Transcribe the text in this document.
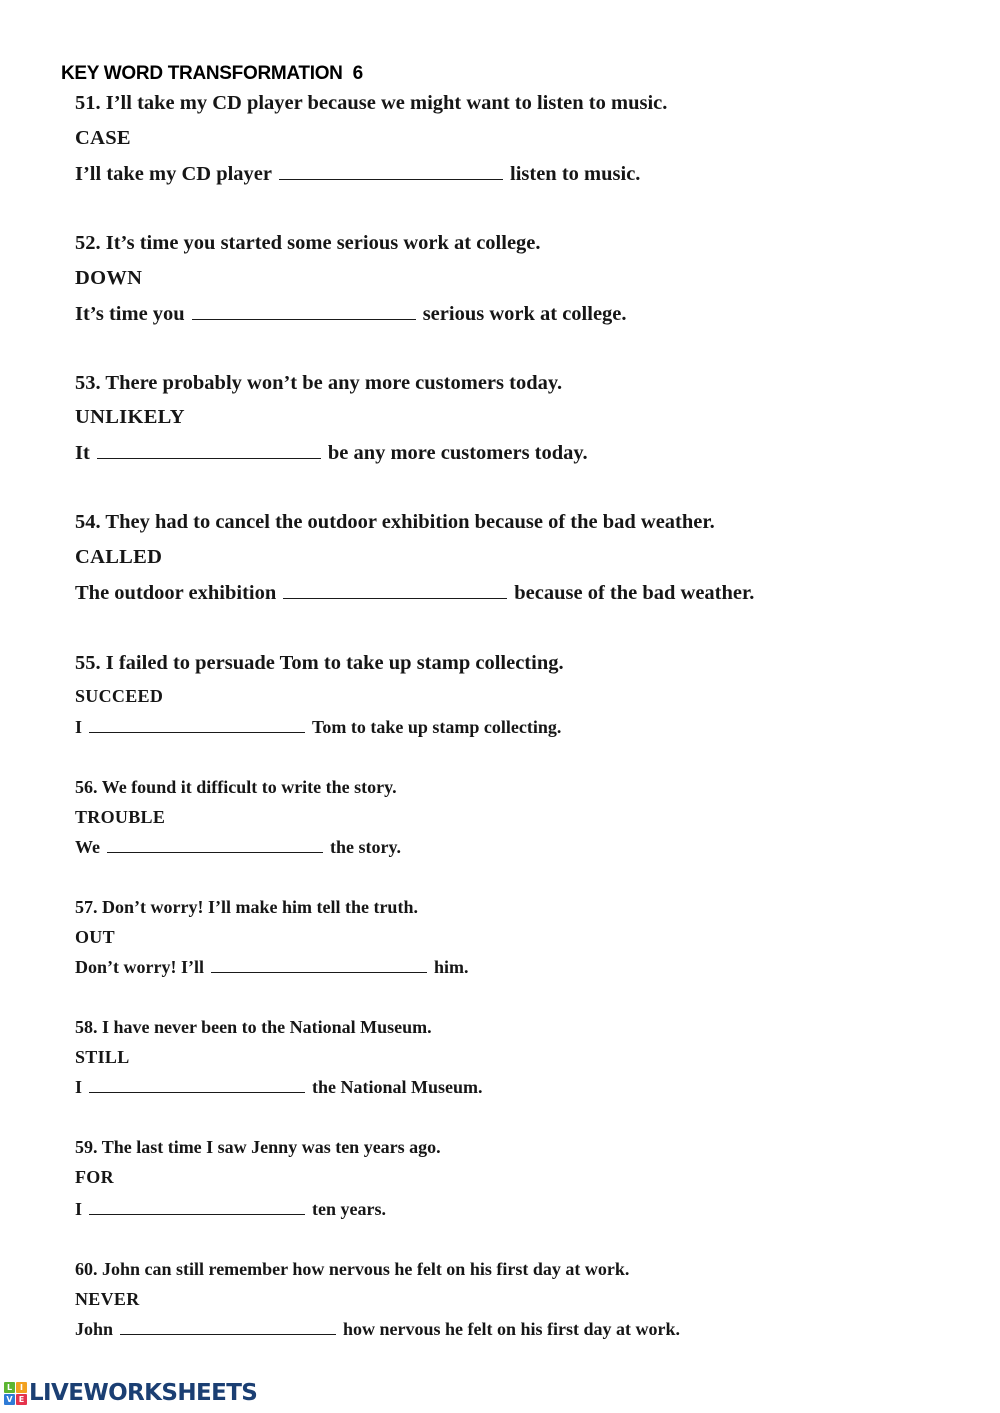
KEY WORD TRANSFORMATION  6
51. I’ll take my CD player because we might want to listen to music.
CASE
I’ll take my CD player	listen to music.
52. It’s time you started some serious work at college.
DOWN
It’s time you	serious work at college.
53. There probably won’t be any more customers today.
UNLIKELY
It	be any more customers today.
54. They had to cancel the outdoor exhibition because of the bad weather.
CALLED
The outdoor exhibition	because of the bad weather.
55. I failed to persuade Tom to take up stamp collecting.
SUCCEED
I	Tom to take up stamp collecting.
56. We found it difficult to write the story.
TROUBLE
We	the story.
57. Don’t worry! I’ll make him tell the truth.
OUT
Don’t worry! I’ll	him.
58. I have never been to the National Museum.
STILL
I	the National Museum.
59. The last time I saw Jenny was ten years ago.
FOR
I	ten years.
60. John can still remember how nervous he felt on his first day at work.
NEVER
John	how nervous he felt on his first day at work.
L I
V E LIVEWORKSHEETS
